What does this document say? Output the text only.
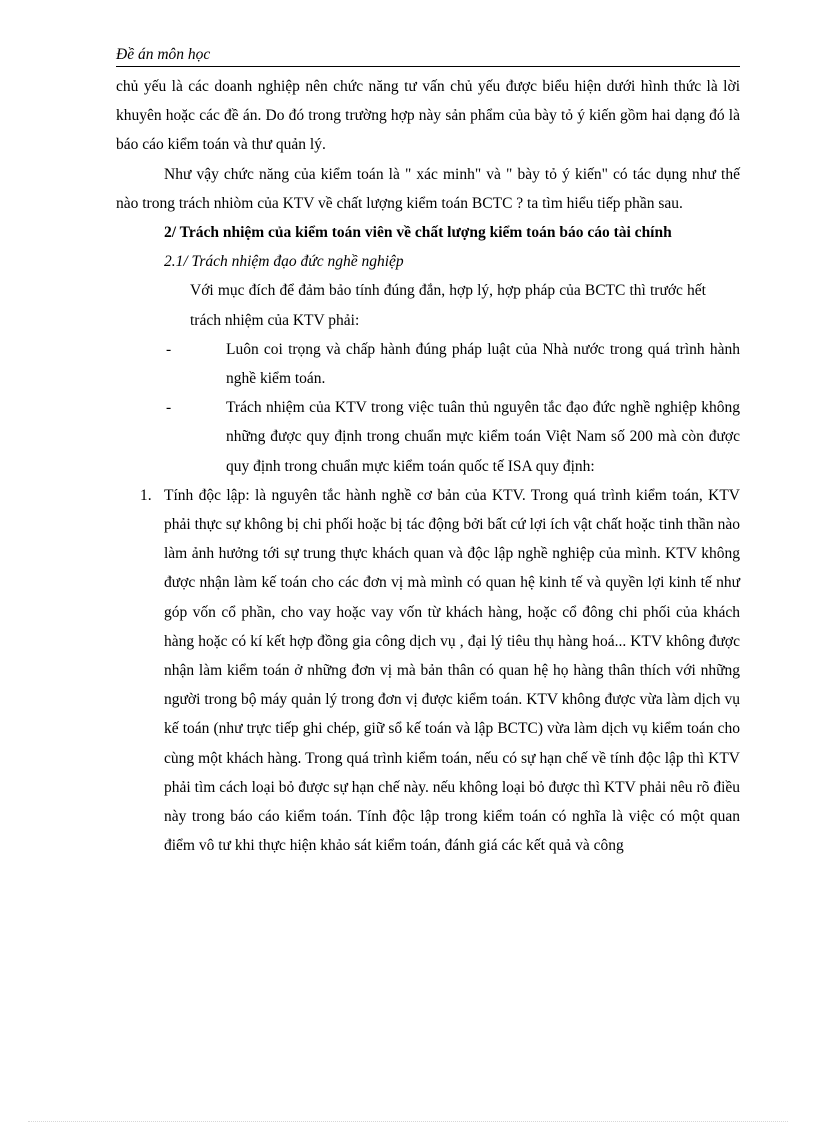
Đề án môn học

chủ yếu là các doanh nghiệp nên chức năng tư vấn chủ yếu được biểu hiện dưới hình thức là lời khuyên hoặc các đề án. Do đó trong trường hợp này sản phẩm của bày tỏ ý kiến gồm hai dạng đó là báo cáo kiểm toán và thư quản lý.

Như vậy chức năng của kiểm toán là " xác minh" và " bày tỏ ý kiến" có tác dụng như thế nào trong trách nhiòm của KTV về chất lượng kiểm toán BCTC ? ta tìm hiểu tiếp phần sau.

2/ Trách nhiệm của kiểm toán viên về chất lượng kiểm toán báo cáo tài chính

2.1/ Trách nhiệm đạo đức nghề nghiệp

Với mục đích để đảm bảo tính đúng đắn, hợp lý, hợp pháp của BCTC thì trước hết trách nhiệm của KTV phải:

-	Luôn coi trọng và chấp hành đúng pháp luật của Nhà nước trong quá trình hành nghề kiểm toán.
-	Trách nhiệm của KTV trong việc tuân thủ nguyên tắc đạo đức nghề nghiệp không những được quy định trong chuẩn mực kiểm toán Việt Nam số 200 mà còn được quy định trong chuẩn mực kiểm toán quốc tế ISA quy định:
1. Tính độc lập: là nguyên tắc hành nghề cơ bản của KTV. Trong quá trình kiểm toán, KTV phải thực sự không bị chi phối hoặc bị tác động bởi bất cứ lợi ích vật chất hoặc tinh thần nào làm ảnh hưởng tới sự trung thực khách quan và độc lập nghề nghiệp của mình. KTV không được nhận làm kế toán cho các đơn vị mà mình có quan hệ kinh tế và quyền lợi kinh tế như góp vốn cổ phần, cho vay hoặc vay vốn từ khách hàng, hoặc cổ đông chi phối của khách hàng hoặc có kí kết hợp đồng gia công dịch vụ , đại lý tiêu thụ hàng hoá... KTV không được nhận làm kiểm toán ở những đơn vị mà bản thân có quan hệ họ hàng thân thích với những người trong bộ máy quản lý trong đơn vị được kiểm toán. KTV không được vừa làm dịch vụ kế toán (như trực tiếp ghi chép, giữ sổ kế toán và lập BCTC) vừa làm dịch vụ kiểm toán cho cùng một khách hàng. Trong quá trình kiểm toán, nếu có sự hạn chế về tính độc lập thì KTV phải tìm cách loại bỏ được sự hạn chế này. nếu không loại bỏ được thì KTV phải nêu rõ điều này trong báo cáo kiểm toán. Tính độc lập trong kiểm toán có nghĩa là việc có một quan điểm vô tư khi thực hiện khảo sát kiểm toán, đánh giá các kết quả và công
